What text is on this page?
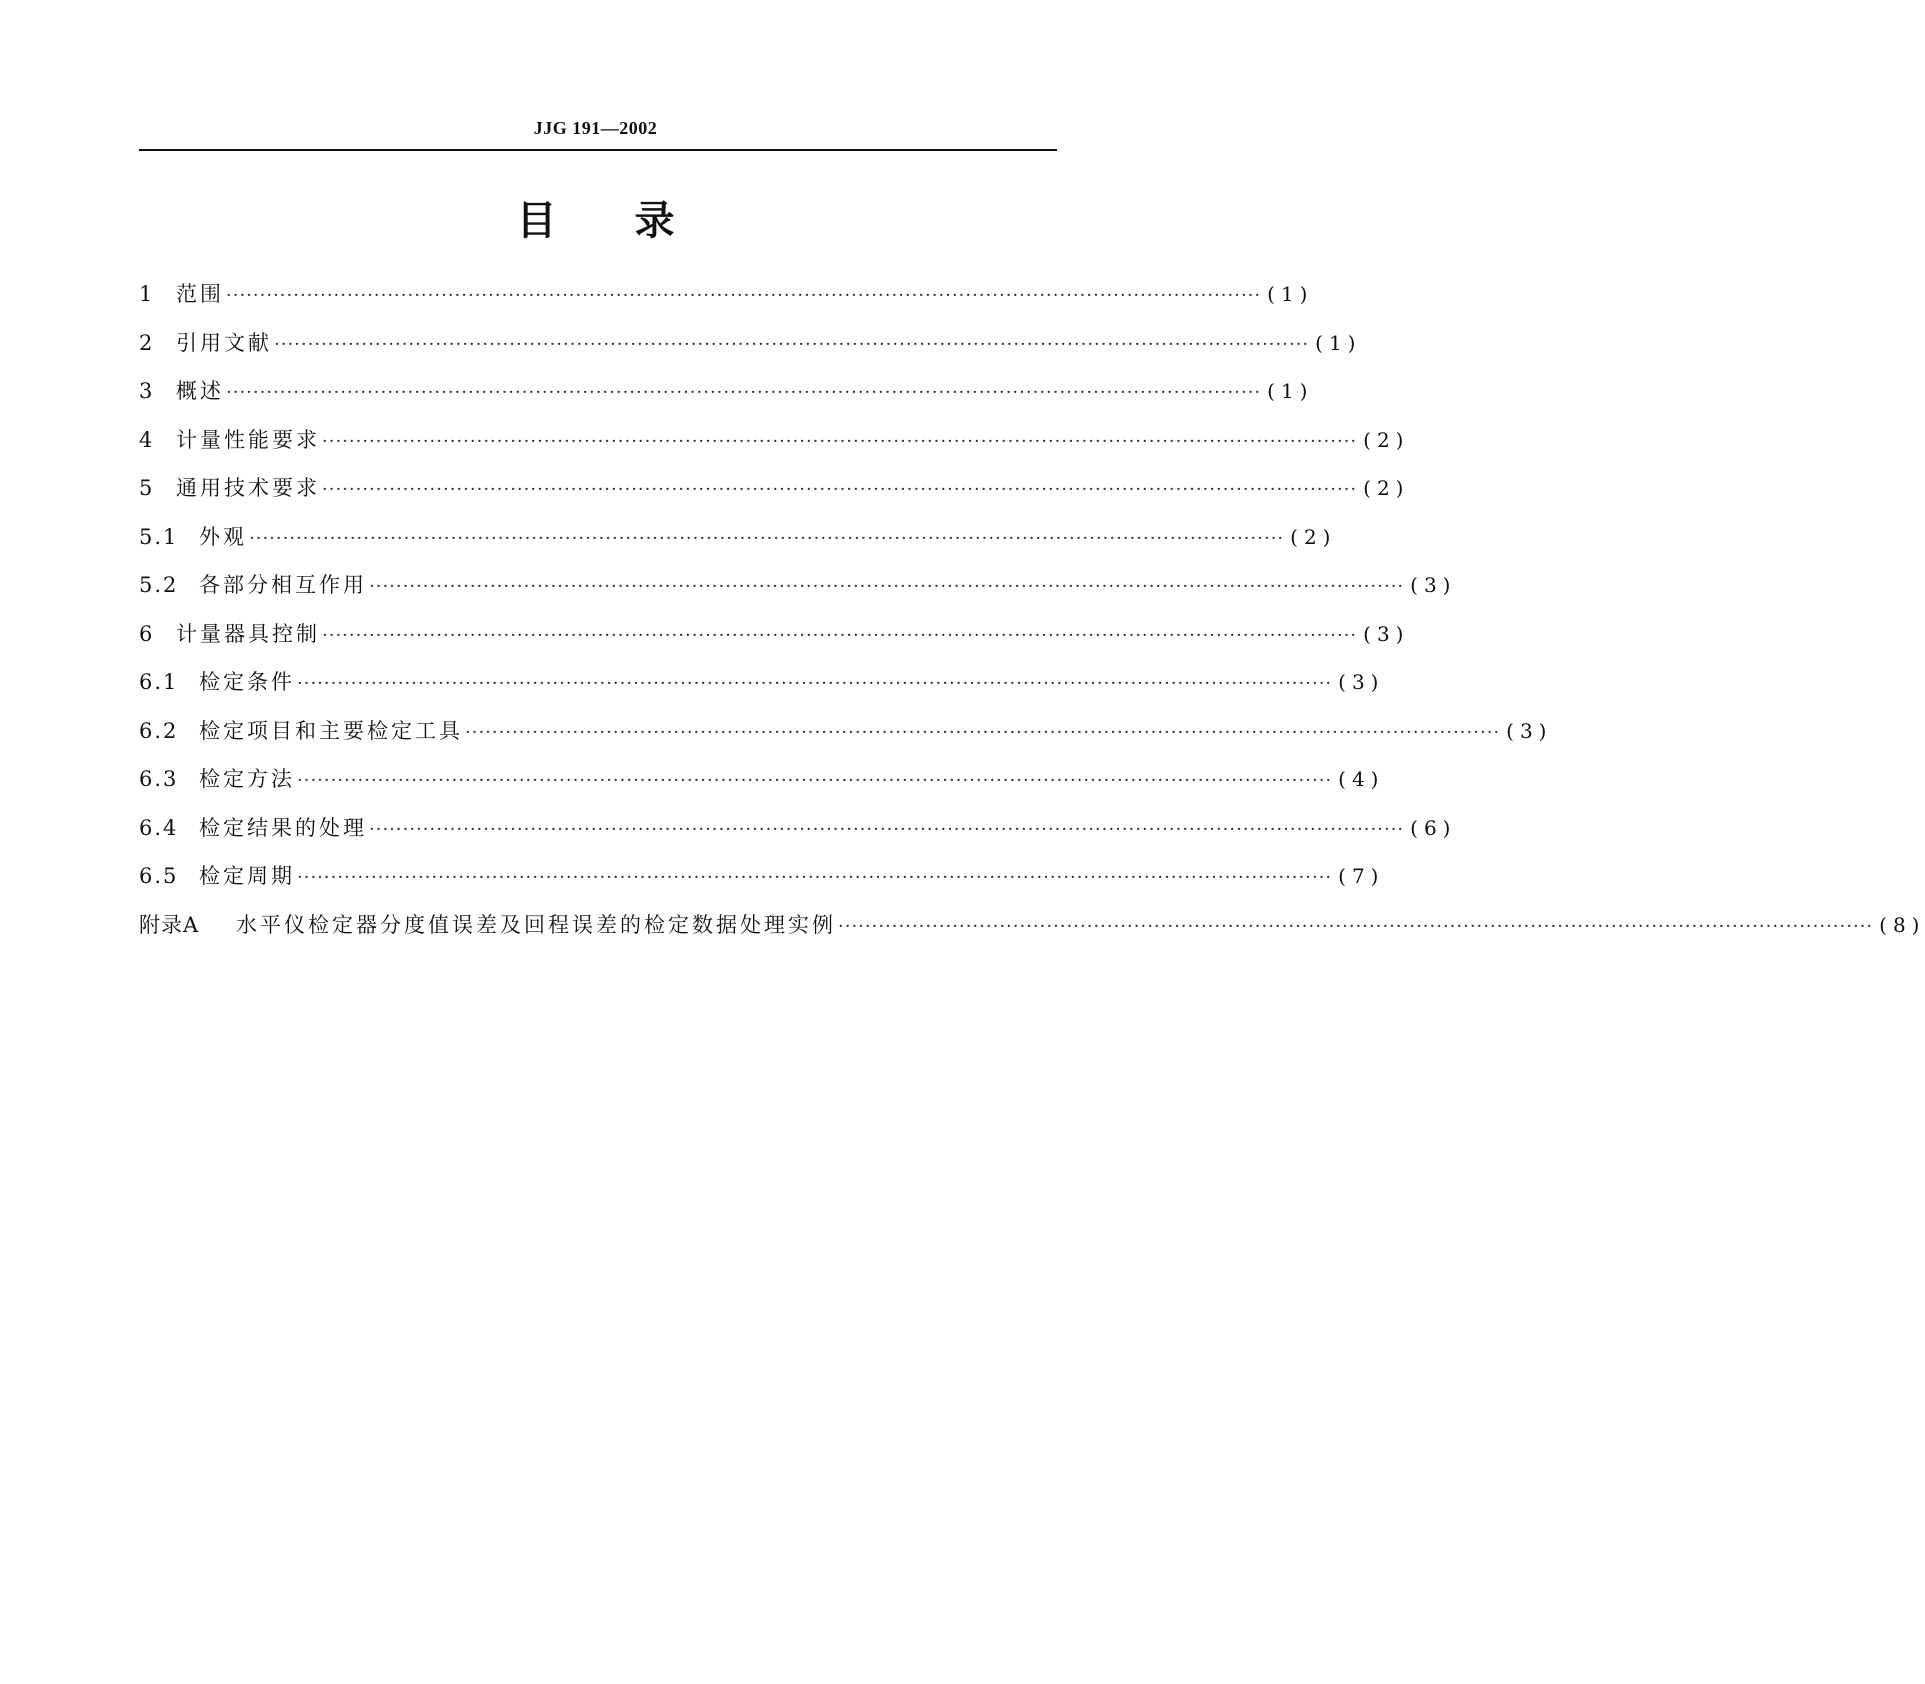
JJG 191—2002
目 录
1	范围 ·························································································································································· (1)
2	引用文献 ·························································································································································· (1)
3	概述 ·························································································································································· (1)
4	计量性能要求 ·························································································································································· (2)
5	通用技术要求 ·························································································································································· (2)
5.1 外观 ·························································································································································· (2)
5.2 各部分相互作用 ·························································································································································· (3)
6	计量器具控制 ·························································································································································· (3)
6.1 检定条件 ·························································································································································· (3)
6.2 检定项目和主要检定工具 ·························································································································································· (3)
6.3 检定方法 ·························································································································································· (4)
6.4 检定结果的处理 ·························································································································································· (6)
6.5 检定周期 ·························································································································································· (7)
附录A	水平仪检定器分度值误差及回程误差的检定数据处理实例 ·························································································································································· (8)
